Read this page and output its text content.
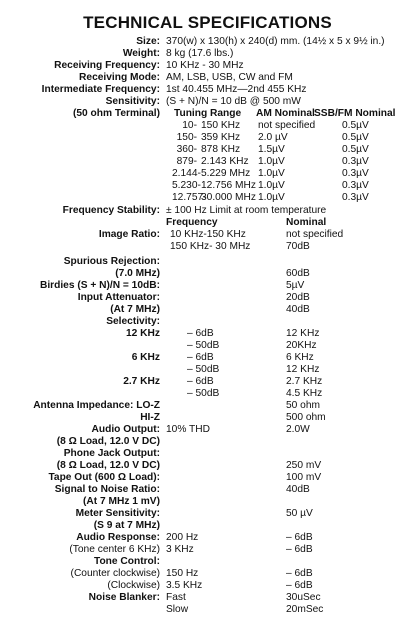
TECHNICAL SPECIFICATIONS
Size: 370(w) x 130(h) x 240(d) mm. (14½ x 5 x 9½ in.)
Weight: 8 kg (17.6 lbs.)
Receiving Frequency: 10 KHz - 30 MHz
Receiving Mode: AM, LSB, USB, CW and FM
Intermediate Frequency: 1st 40.455 MHz—2nd 455 KHz
Sensitivity: (S + N)/N = 10 dB @ 500 mW
(50 ohm Terminal) Tuning Range AM Nominal SSB/FM Nominal
10- 150 KHz not specified	0.5µV
150- 359 KHz 2.0 µV	0.5µV
360- 878 KHz 1.5µV	0.5µV
879- 2.143 KHz 1.0µV	0.3µV
2.144- 5.229 MHz 1.0µV	0.3µV
5.230- 12.756 MHz 1.0µV	0.3µV
12.757-
30.000 MHz 1.0µV	0.3µV
Frequency Stability: ± 100 Hz Limit at room temperature
Frequency	Nominal
Image Ratio: 10 KHz-150 KHz	not specified
150 KHz- 30 MHz	70dB
Spurious Rejection:
(7.0 MHz)	60dB
Birdies (S + N)/N = 10dB:	5µV
Input Attenuator:	20dB
(At 7 MHz)	40dB
Selectivity:
12 KHz	– 6dB	12 KHz
– 50dB	20KHz
6 KHz	– 6dB	6 KHz
– 50dB	12 KHz
2.7 KHz	– 6dB	2.7 KHz
– 50dB	4.5 KHz
Antenna Impedance: LO-Z	50 ohm
HI-Z	500 ohm
Audio Output: 10% THD	2.0W
(8 Ω Load, 12.0 V DC)
Phone Jack Output:
(8 Ω Load, 12.0 V DC)	250 mV
Tape Out (600 Ω Load):	100 mV
Signal to Noise Ratio:	40dB
(At 7 MHz 1 mV)
Meter Sensitivity:	50 µV
(S 9 at 7 MHz)
Audio Response: 200 Hz	– 6dB
(Tone center 6 KHz) 3 KHz	– 6dB
Tone Control:
(Counter clockwise) 150 Hz	– 6dB
(Clockwise) 3.5 KHz	– 6dB
Noise Blanker: Fast	30uSec
Slow	20mSec
